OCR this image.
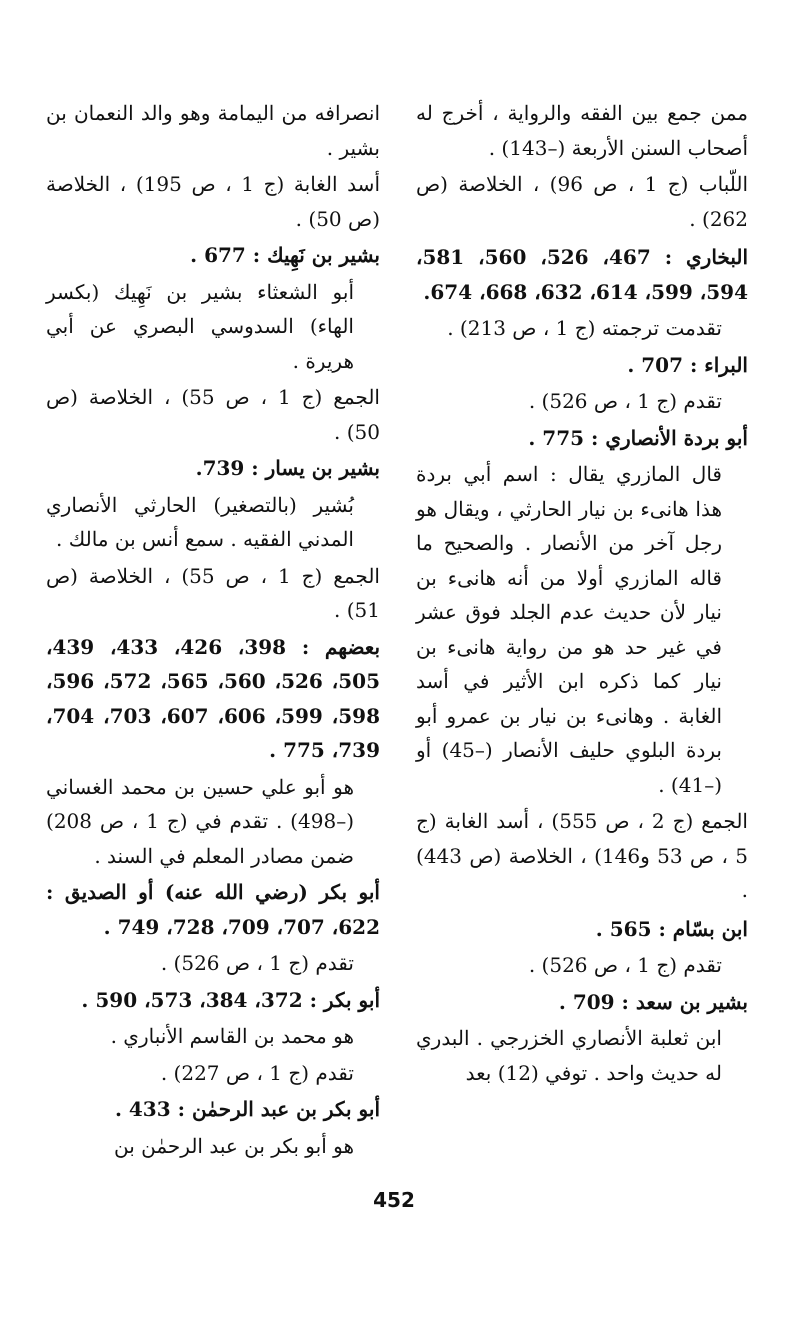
ممن جمع بين الفقه والرواية ، أخرج له أصحاب السنن الأربعة (–143) .
اللّباب (ج 1 ، ص 96) ، الخلاصة (ص 262) .
البخاري : 467، 526، 560، 581، 594، 599، 614، 632، 668، 674.
تقدمت ترجمته (ج 1 ، ص 213) .
البراء : 707 .
تقدم (ج 1 ، ص 526) .
أبو بردة الأنصاري : 775 .
قال المازري يقال : اسم أبي بردة هذا هانىء بن نيار الحارثي ، ويقال هو رجل آخر من الأنصار . والصحيح ما قاله المازري أولا من أنه هانىء بن نيار لأن حديث عدم الجلد فوق عشر في غير حد هو من رواية هانىء بن نيار كما ذكره ابن الأثير في أسد الغابة . وهانىء بن نيار بن عمرو أبو بردة البلوي حليف الأنصار (–45) أو (–41) .
الجمع (ج 2 ، ص 555) ، أسد الغابة (ج 5 ، ص 53 و146) ، الخلاصة (ص 443) .
ابن بسّام : 565 .
تقدم (ج 1 ، ص 526) .
بشير بن سعد : 709 .
ابن ثعلبة الأنصاري الخزرجي . البدري له حديث واحد . توفي (12) بعد
انصرافه من اليمامة وهو والد النعمان بن بشير .
أسد الغابة (ج 1 ، ص 195) ، الخلاصة (ص 50) .
بشير بن نَهِيك : 677 .
أبو الشعثاء بشير بن نَهِيك (بكسر الهاء) السدوسي البصري عن أبي هريرة .
الجمع (ج 1 ، ص 55) ، الخلاصة (ص 50) .
بشير بن يسار : 739.
بُشير (بالتصغير) الحارثي الأنصاري المدني الفقيه . سمع أنس بن مالك .
الجمع (ج 1 ، ص 55) ، الخلاصة (ص 51) .
بعضهم : 398، 426، 433، 439، 505، 526، 560، 565، 572، 596، 598، 599، 606، 607، 703، 704، 739، 775 .
هو أبو علي حسين بن محمد الغساني (–498) . تقدم في (ج 1 ، ص 208) ضمن مصادر المعلم في السند .
أبو بكر (رضي الله عنه) أو الصديق : 622، 707، 709، 728، 749 .
تقدم (ج 1 ، ص 526) .
أبو بكر : 372، 384، 573، 590 .
هو محمد بن القاسم الأنباري .
تقدم (ج 1 ، ص 227) .
أبو بكر بن عبد الرحمٰن : 433 .
هو أبو بكر بن عبد الرحمٰن بن
452
